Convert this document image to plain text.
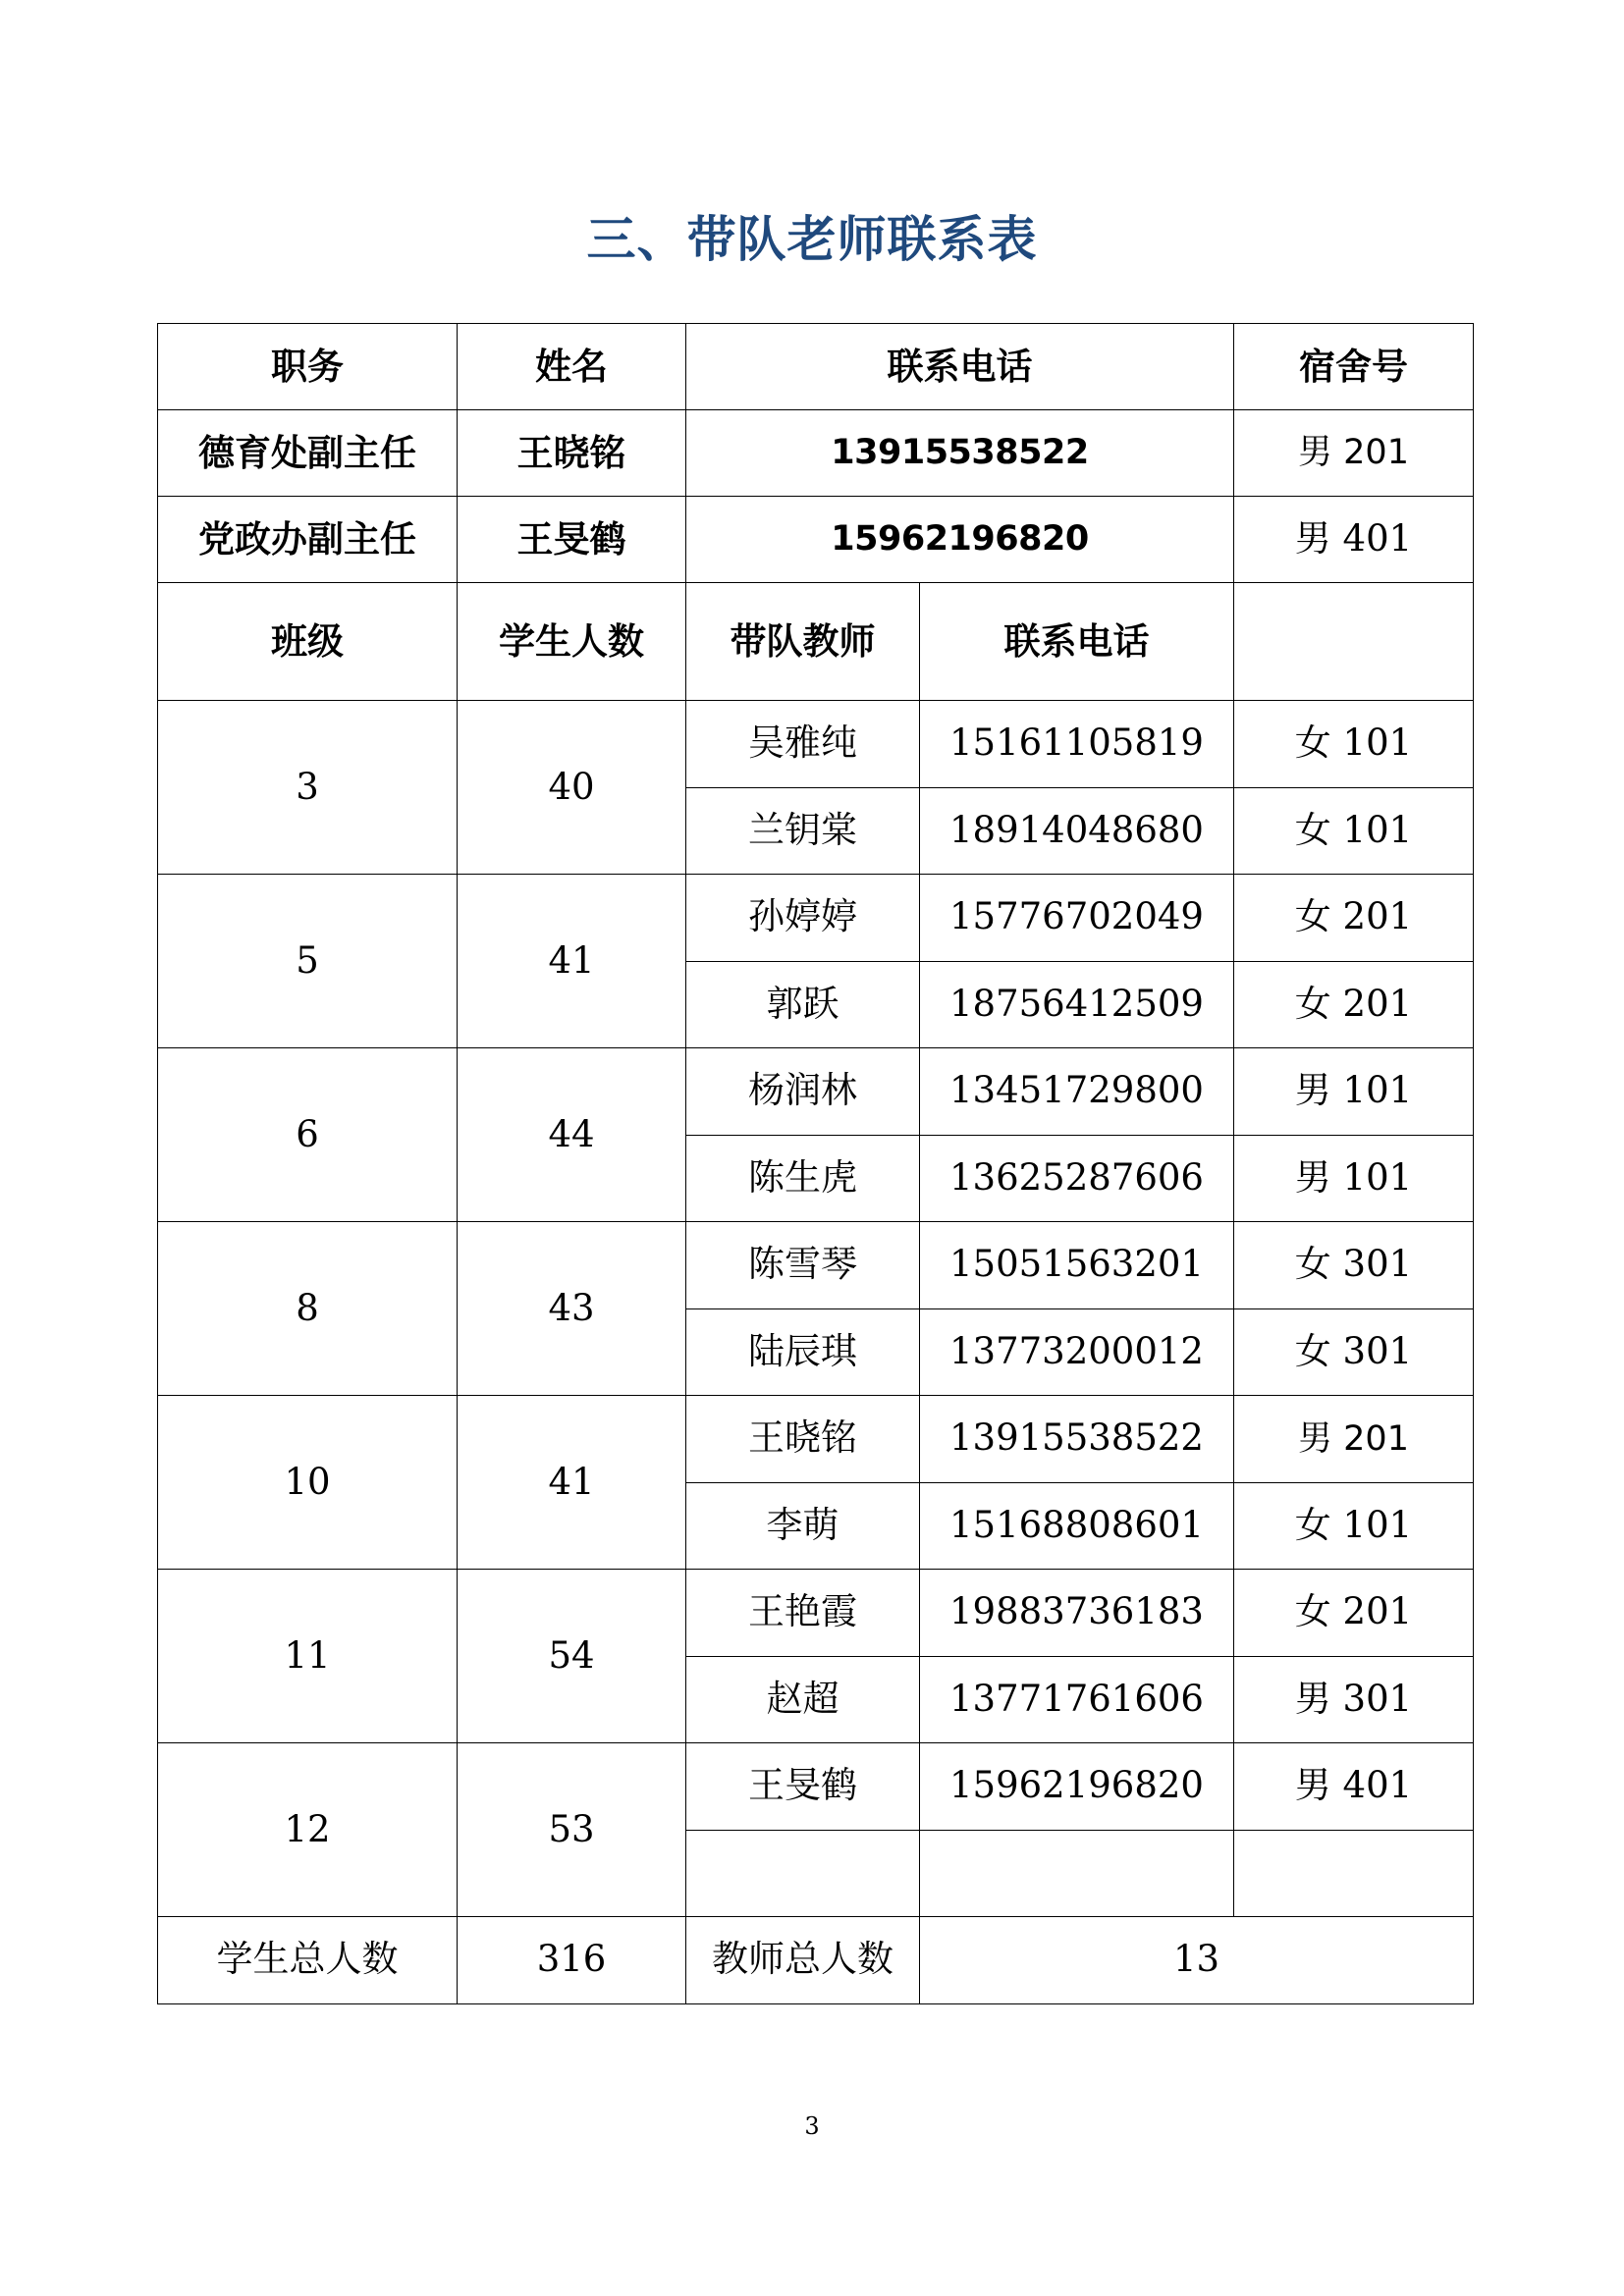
三、带队老师联系表
职务	姓名	联系电话		宿舍号
德育处副主任	王晓铭	13915538522		男 201
党政办副主任	王旻鹤	15962196820		男 401
班级	学生人数	带队教师	联系电话	
3	40	吴雅纯	15161105819	女 101
		兰钥棠	18914048680	女 101
5	41	孙婷婷	15776702049	女 201
		郭跃	18756412509	女 201
6	44	杨润林	13451729800	男 101
		陈生虎	13625287606	男 101
8	43	陈雪琴	15051563201	女 301
		陆辰琪	13773200012	女 301
10	41	王晓铭	13915538522	男 201
		李萌	15168808601	女 101
11	54	王艳霞	19883736183	女 201
		赵超	13771761606	男 301
12	53	王旻鹤	15962196820	男 401

学生总人数	316	教师总人数	13	
3
